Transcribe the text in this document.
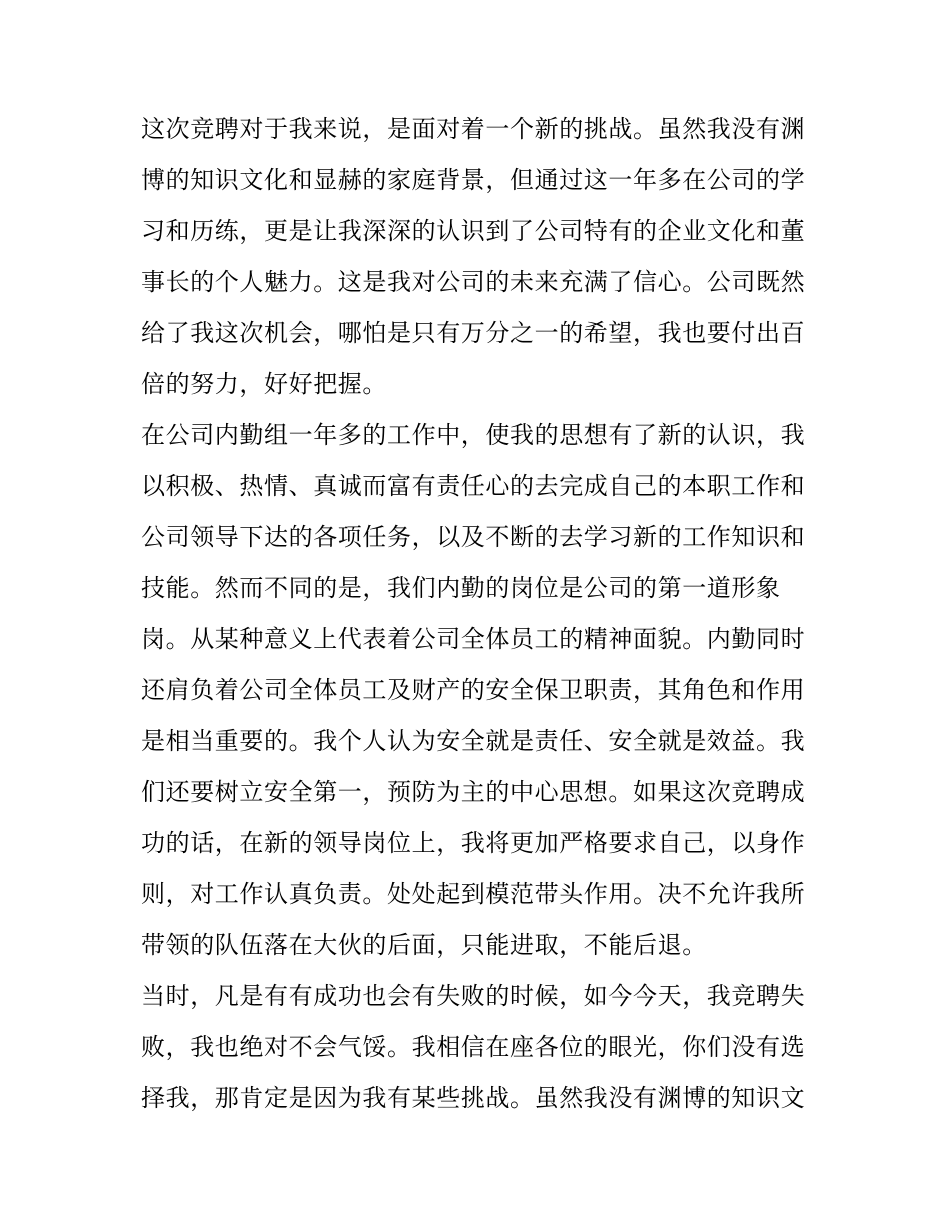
这次竞聘对于我来说，是面对着一个新的挑战。虽然我没有渊
博的知识文化和显赫的家庭背景，但通过这一年多在公司的学
习和历练，更是让我深深的认识到了公司特有的企业文化和董
事长的个人魅力。这是我对公司的未来充满了信心。公司既然
给了我这次机会，哪怕是只有万分之一的希望，我也要付出百
倍的努力，好好把握。
在公司内勤组一年多的工作中，使我的思想有了新的认识，我
以积极、热情、真诚而富有责任心的去完成自己的本职工作和
公司领导下达的各项任务，以及不断的去学习新的工作知识和
技能。然而不同的是，我们内勤的岗位是公司的第一道形象
岗。从某种意义上代表着公司全体员工的精神面貌。内勤同时
还肩负着公司全体员工及财产的安全保卫职责，其角色和作用
是相当重要的。我个人认为安全就是责任、安全就是效益。我
们还要树立安全第一，预防为主的中心思想。如果这次竞聘成
功的话，在新的领导岗位上，我将更加严格要求自己，以身作
则，对工作认真负责。处处起到模范带头作用。决不允许我所
带领的队伍落在大伙的后面，只能进取，不能后退。
当时，凡是有有成功也会有失败的时候，如今今天，我竞聘失
败，我也绝对不会气馁。我相信在座各位的眼光，你们没有选
择我，那肯定是因为我有某些挑战。虽然我没有渊博的知识文
